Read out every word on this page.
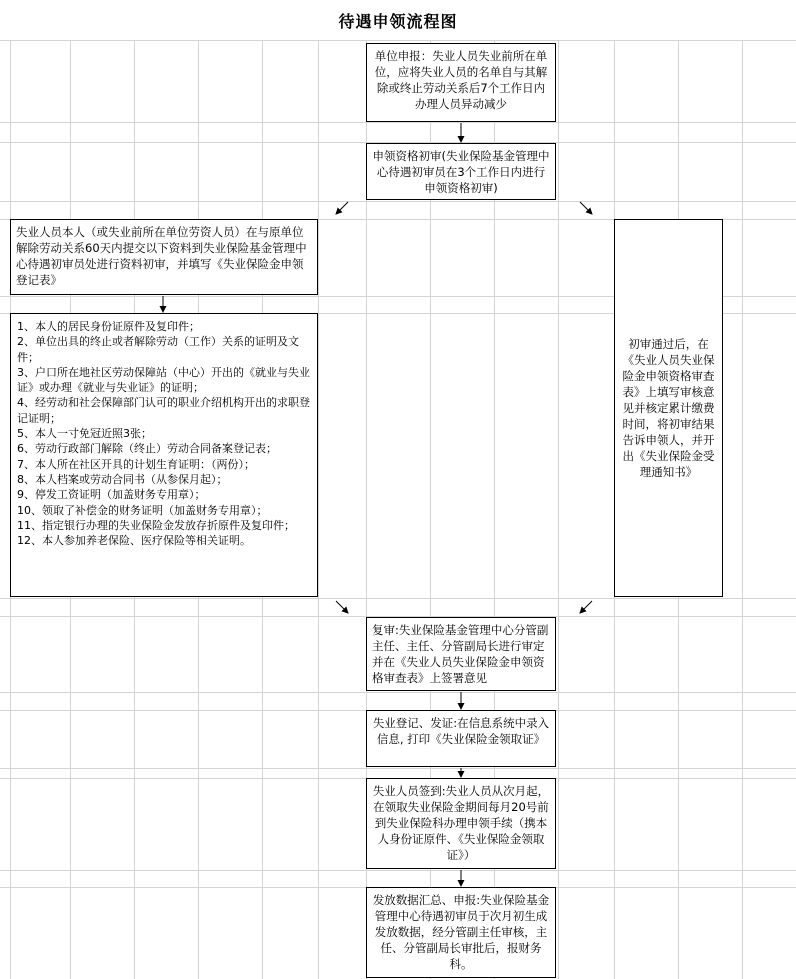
待遇申领流程图
单位申报：失业人员失业前所在单位，应将失业人员的名单自与其解除或终止劳动关系后7个工作日内办理人员异动减少
申领资格初审(失业保险基金管理中心待遇初审员在3个工作日内进行申领资格初审)
失业人员本人（或失业前所在单位劳资人员）在与原单位解除劳动关系60天内提交以下资料到失业保险基金管理中心待遇初审员处进行资料初审，并填写《失业保险金申领登记表》

1、本人的居民身份证原件及复印件；

2、单位出具的终止或者解除劳动（工作）关系的证明及文件；

3、户口所在地社区劳动保障站（中心）开出的《就业与失业证》或办理《就业与失业证》的证明；

4、经劳动和社会保障部门认可的职业介绍机构开出的求职登记证明；

5、本人一寸免冠近照3张；

6、劳动行政部门解除（终止）劳动合同备案登记表；

7、本人所在社区开具的计划生育证明：（两份）；

8、本人档案或劳动合同书（从参保月起）；

9、停发工资证明（加盖财务专用章）；

10、领取了补偿金的财务证明（加盖财务专用章）；

11、指定银行办理的失业保险金发放存折原件及复印件；

12、本人参加养老保险、医疗保险等相关证明。

初审通过后，在《失业人员失业保险金申领资格审查表》上填写审核意见并核定累计缴费时间，将初审结果告诉申领人，并开出《失业保险金受理通知书》
复审:失业保险基金管理中心分管副主任、主任、分管副局长进行审定并在《失业人员失业保险金申领资格审查表》上签署意见
失业登记、发证:在信息系统中录入信息, 打印《失业保险金领取证》
失业人员签到:失业人员从次月起，在领取失业保险金期间每月20号前到失业保险科办理申领手续（携本人身份证原件、《失业保险金领取证》）
发放数据汇总、申报:失业保险基金管理中心待遇初审员于次月初生成发放数据，经分管副主任审核，主任、分管副局长审批后，报财务科。
